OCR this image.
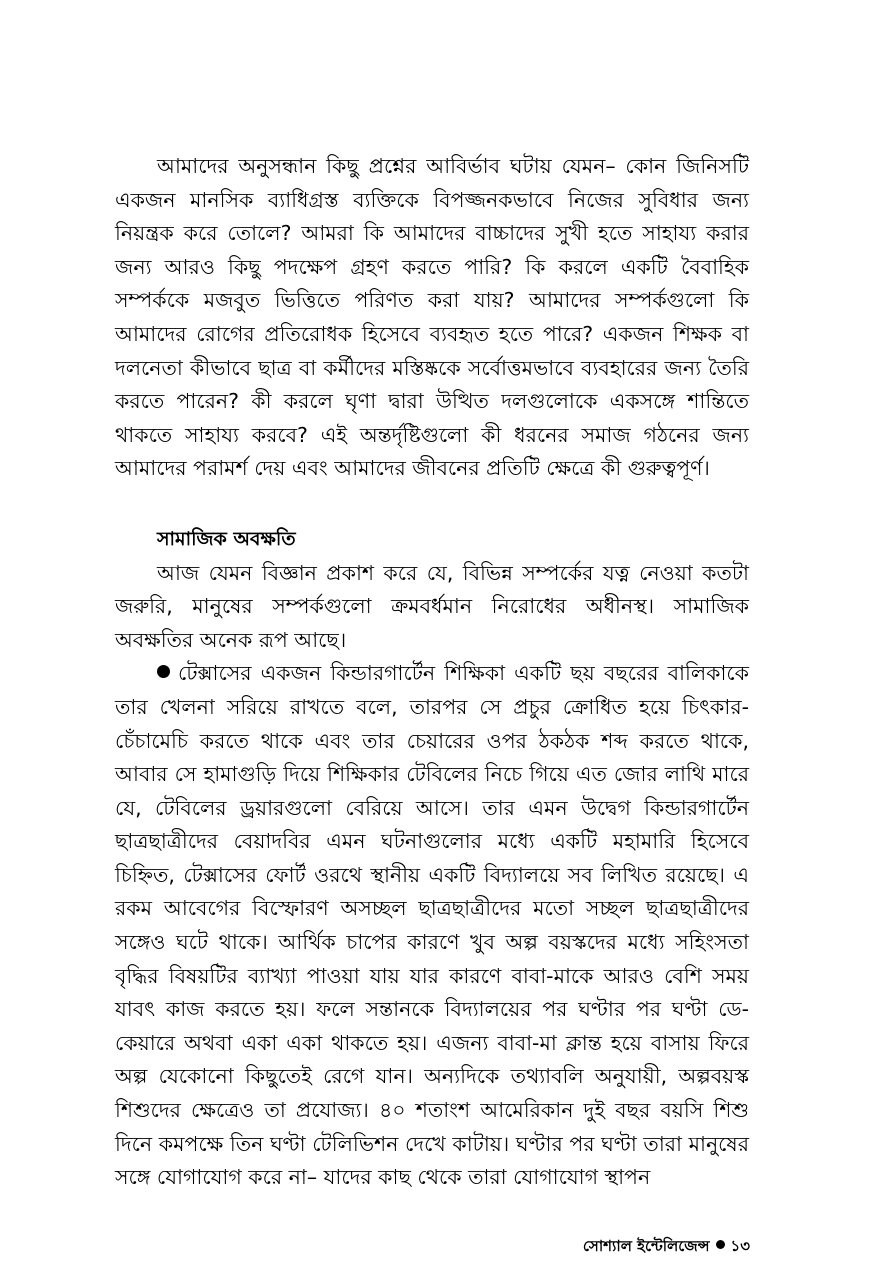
আমাদের অনুসন্ধান কিছু প্রশ্নের আবির্ভাব ঘটায় যেমন– কোন জিনিসটি একজন মানসিক ব্যাধিগ্রস্ত ব্যক্তিকে বিপজ্জনকভাবে নিজের সুবিধার জন্য নিয়ন্ত্রক করে তোলে? আমরা কি আমাদের বাচ্চাদের সুখী হতে সাহায্য করার জন্য আরও কিছু পদক্ষেপ গ্রহণ করতে পারি? কি করলে একটি বৈবাহিক সম্পর্ককে মজবুত ভিত্তিতে পরিণত করা যায়? আমাদের সম্পর্কগুলো কি আমাদের রোগের প্রতিরোধক হিসেবে ব্যবহৃত হতে পারে? একজন শিক্ষক বা দলনেতা কীভাবে ছাত্র বা কর্মীদের মস্তিষ্ককে সর্বোত্তমভাবে ব্যবহারের জন্য তৈরি করতে পারেন? কী করলে ঘৃণা দ্বারা উত্থিত দলগুলোকে একসঙ্গে শান্তিতে থাকতে সাহায্য করবে? এই অন্তর্দৃষ্টিগুলো কী ধরনের সমাজ গঠনের জন্য আমাদের পরামর্শ দেয় এবং আমাদের জীবনের প্রতিটি ক্ষেত্রে কী গুরুত্বপূর্ণ।

সামাজিক অবক্ষতি

আজ যেমন বিজ্ঞান প্রকাশ করে যে, বিভিন্ন সম্পর্কের যত্ন নেওয়া কতটা জরুরি, মানুষের সম্পর্কগুলো ক্রমবর্ধমান নিরোধের অধীনস্থ। সামাজিক অবক্ষতির অনেক রূপ আছে।

টেক্সাসের একজন কিন্ডারগার্টেন শিক্ষিকা একটি ছয় বছরের বালিকাকে তার খেলনা সরিয়ে রাখতে বলে, তারপর সে প্রচুর ক্রোধিত হয়ে চিৎকার-চেঁচামেচি করতে থাকে এবং তার চেয়ারের ওপর ঠকঠক শব্দ করতে থাকে, আবার সে হামাগুড়ি দিয়ে শিক্ষিকার টেবিলের নিচে গিয়ে এত জোর লাথি মারে যে, টেবিলের ড্রয়ারগুলো বেরিয়ে আসে। তার এমন উদ্বেগ কিন্ডারগার্টেন ছাত্রছাত্রীদের বেয়াদবির এমন ঘটনাগুলোর মধ্যে একটি মহামারি হিসেবে চিহ্নিত, টেক্সাসের ফোর্ট ওরথে স্থানীয় একটি বিদ্যালয়ে সব লিখিত রয়েছে। এ রকম আবেগের বিস্ফোরণ অসচ্ছল ছাত্রছাত্রীদের মতো সচ্ছল ছাত্রছাত্রীদের সঙ্গেও ঘটে থাকে। আর্থিক চাপের কারণে খুব অল্প বয়স্কদের মধ্যে সহিংসতা বৃদ্ধির বিষয়টির ব্যাখ্যা পাওয়া যায় যার কারণে বাবা-মাকে আরও বেশি সময় যাবৎ কাজ করতে হয়। ফলে সন্তানকে বিদ্যালয়ের পর ঘণ্টার পর ঘণ্টা ডে-কেয়ারে অথবা একা একা থাকতে হয়। এজন্য বাবা-মা ক্লান্ত হয়ে বাসায় ফিরে অল্প যেকোনো কিছুতেই রেগে যান। অন্যদিকে তথ্যাবলি অনুযায়ী, অল্পবয়স্ক শিশুদের ক্ষেত্রেও তা প্রযোজ্য। ৪০ শতাংশ আমেরিকান দুই বছর বয়সি শিশু দিনে কমপক্ষে তিন ঘণ্টা টেলিভিশন দেখে কাটায়। ঘণ্টার পর ঘণ্টা তারা মানুষের সঙ্গে যোগাযোগ করে না– যাদের কাছ থেকে তারা যোগাযোগ স্থাপন

সোশ্যাল ইন্টেলিজেন্স ১৩
